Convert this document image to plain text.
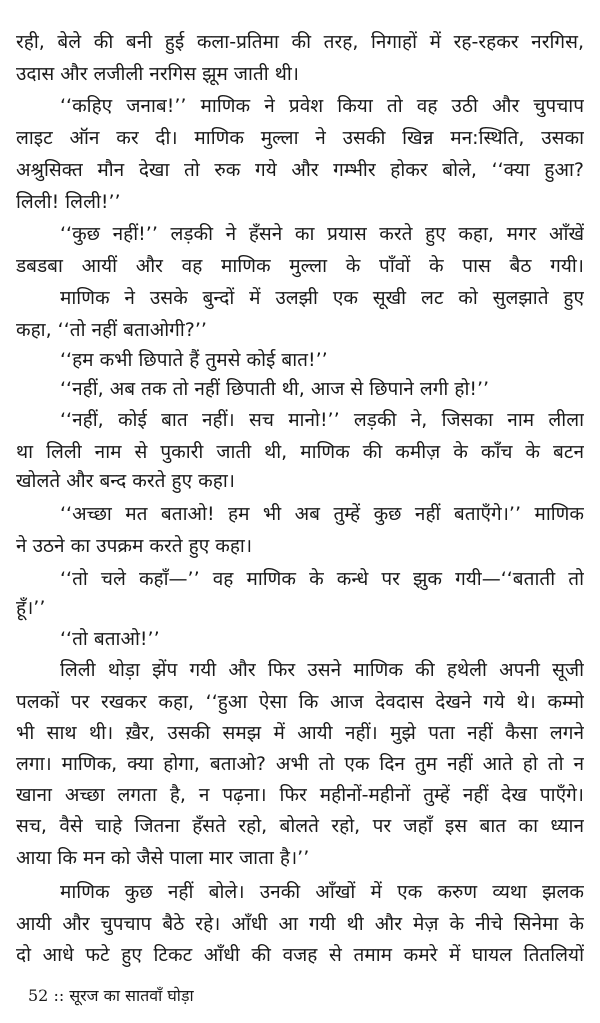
रही, बेले की बनी हुई कला-प्रतिमा की तरह, निगाहों में रह-रहकर नरगिस,
उदास और लजीली नरगिस झूम जाती थी।
‘‘कहिए जनाब!’’ माणिक ने प्रवेश किया तो वह उठी और चुपचाप
लाइट ऑन कर दी। माणिक मुल्ला ने उसकी खिन्न मन:स्थिति, उसका
अश्रुसिक्त मौन देखा तो रुक गये और गम्भीर होकर बोले, ‘‘क्या हुआ?
लिली! लिली!’’
‘‘कुछ नहीं!’’ लड़की ने हँसने का प्रयास करते हुए कहा, मगर आँखें
डबडबा आयीं और वह माणिक मुल्ला के पाँवों के पास बैठ गयी।
माणिक ने उसके बुन्दों में उलझी एक सूखी लट को सुलझाते हुए
कहा, ‘‘तो नहीं बताओगी?’’
‘‘हम कभी छिपाते हैं तुमसे कोई बात!’’
‘‘नहीं, अब तक तो नहीं छिपाती थी, आज से छिपाने लगी हो!’’
‘‘नहीं, कोई बात नहीं। सच मानो!’’ लड़की ने, जिसका नाम लीला
था लिली नाम से पुकारी जाती थी, माणिक की कमीज़ के काँच के बटन
खोलते और बन्द करते हुए कहा।
‘‘अच्छा मत बताओ! हम भी अब तुम्हें कुछ नहीं बताएँगे।’’ माणिक
ने उठने का उपक्रम करते हुए कहा।
‘‘तो चले कहाँ—’’ वह माणिक के कन्धे पर झुक गयी—‘‘बताती तो
हूँ।’’
‘‘तो बताओ!’’
लिली थोड़ा झेंप गयी और फिर उसने माणिक की हथेली अपनी सूजी
पलकों पर रखकर कहा, ‘‘हुआ ऐसा कि आज देवदास देखने गये थे। कम्मो
भी साथ थी। ख़ैर, उसकी समझ में आयी नहीं। मुझे पता नहीं कैसा लगने
लगा। माणिक, क्या होगा, बताओ? अभी तो एक दिन तुम नहीं आते हो तो न
खाना अच्छा लगता है, न पढ़ना। फिर महीनों-महीनों तुम्हें नहीं देख पाएँगे।
सच, वैसे चाहे जितना हँसते रहो, बोलते रहो, पर जहाँ इस बात का ध्यान
आया कि मन को जैसे पाला मार जाता है।’’
माणिक कुछ नहीं बोले। उनकी आँखों में एक करुण व्यथा झलक
आयी और चुपचाप बैठे रहे। आँधी आ गयी थी और मेज़ के नीचे सिनेमा के
दो आधे फटे हुए टिकट आँधी की वजह से तमाम कमरे में घायल तितलियों
52 :: सूरज का सातवाँ घोड़ा
